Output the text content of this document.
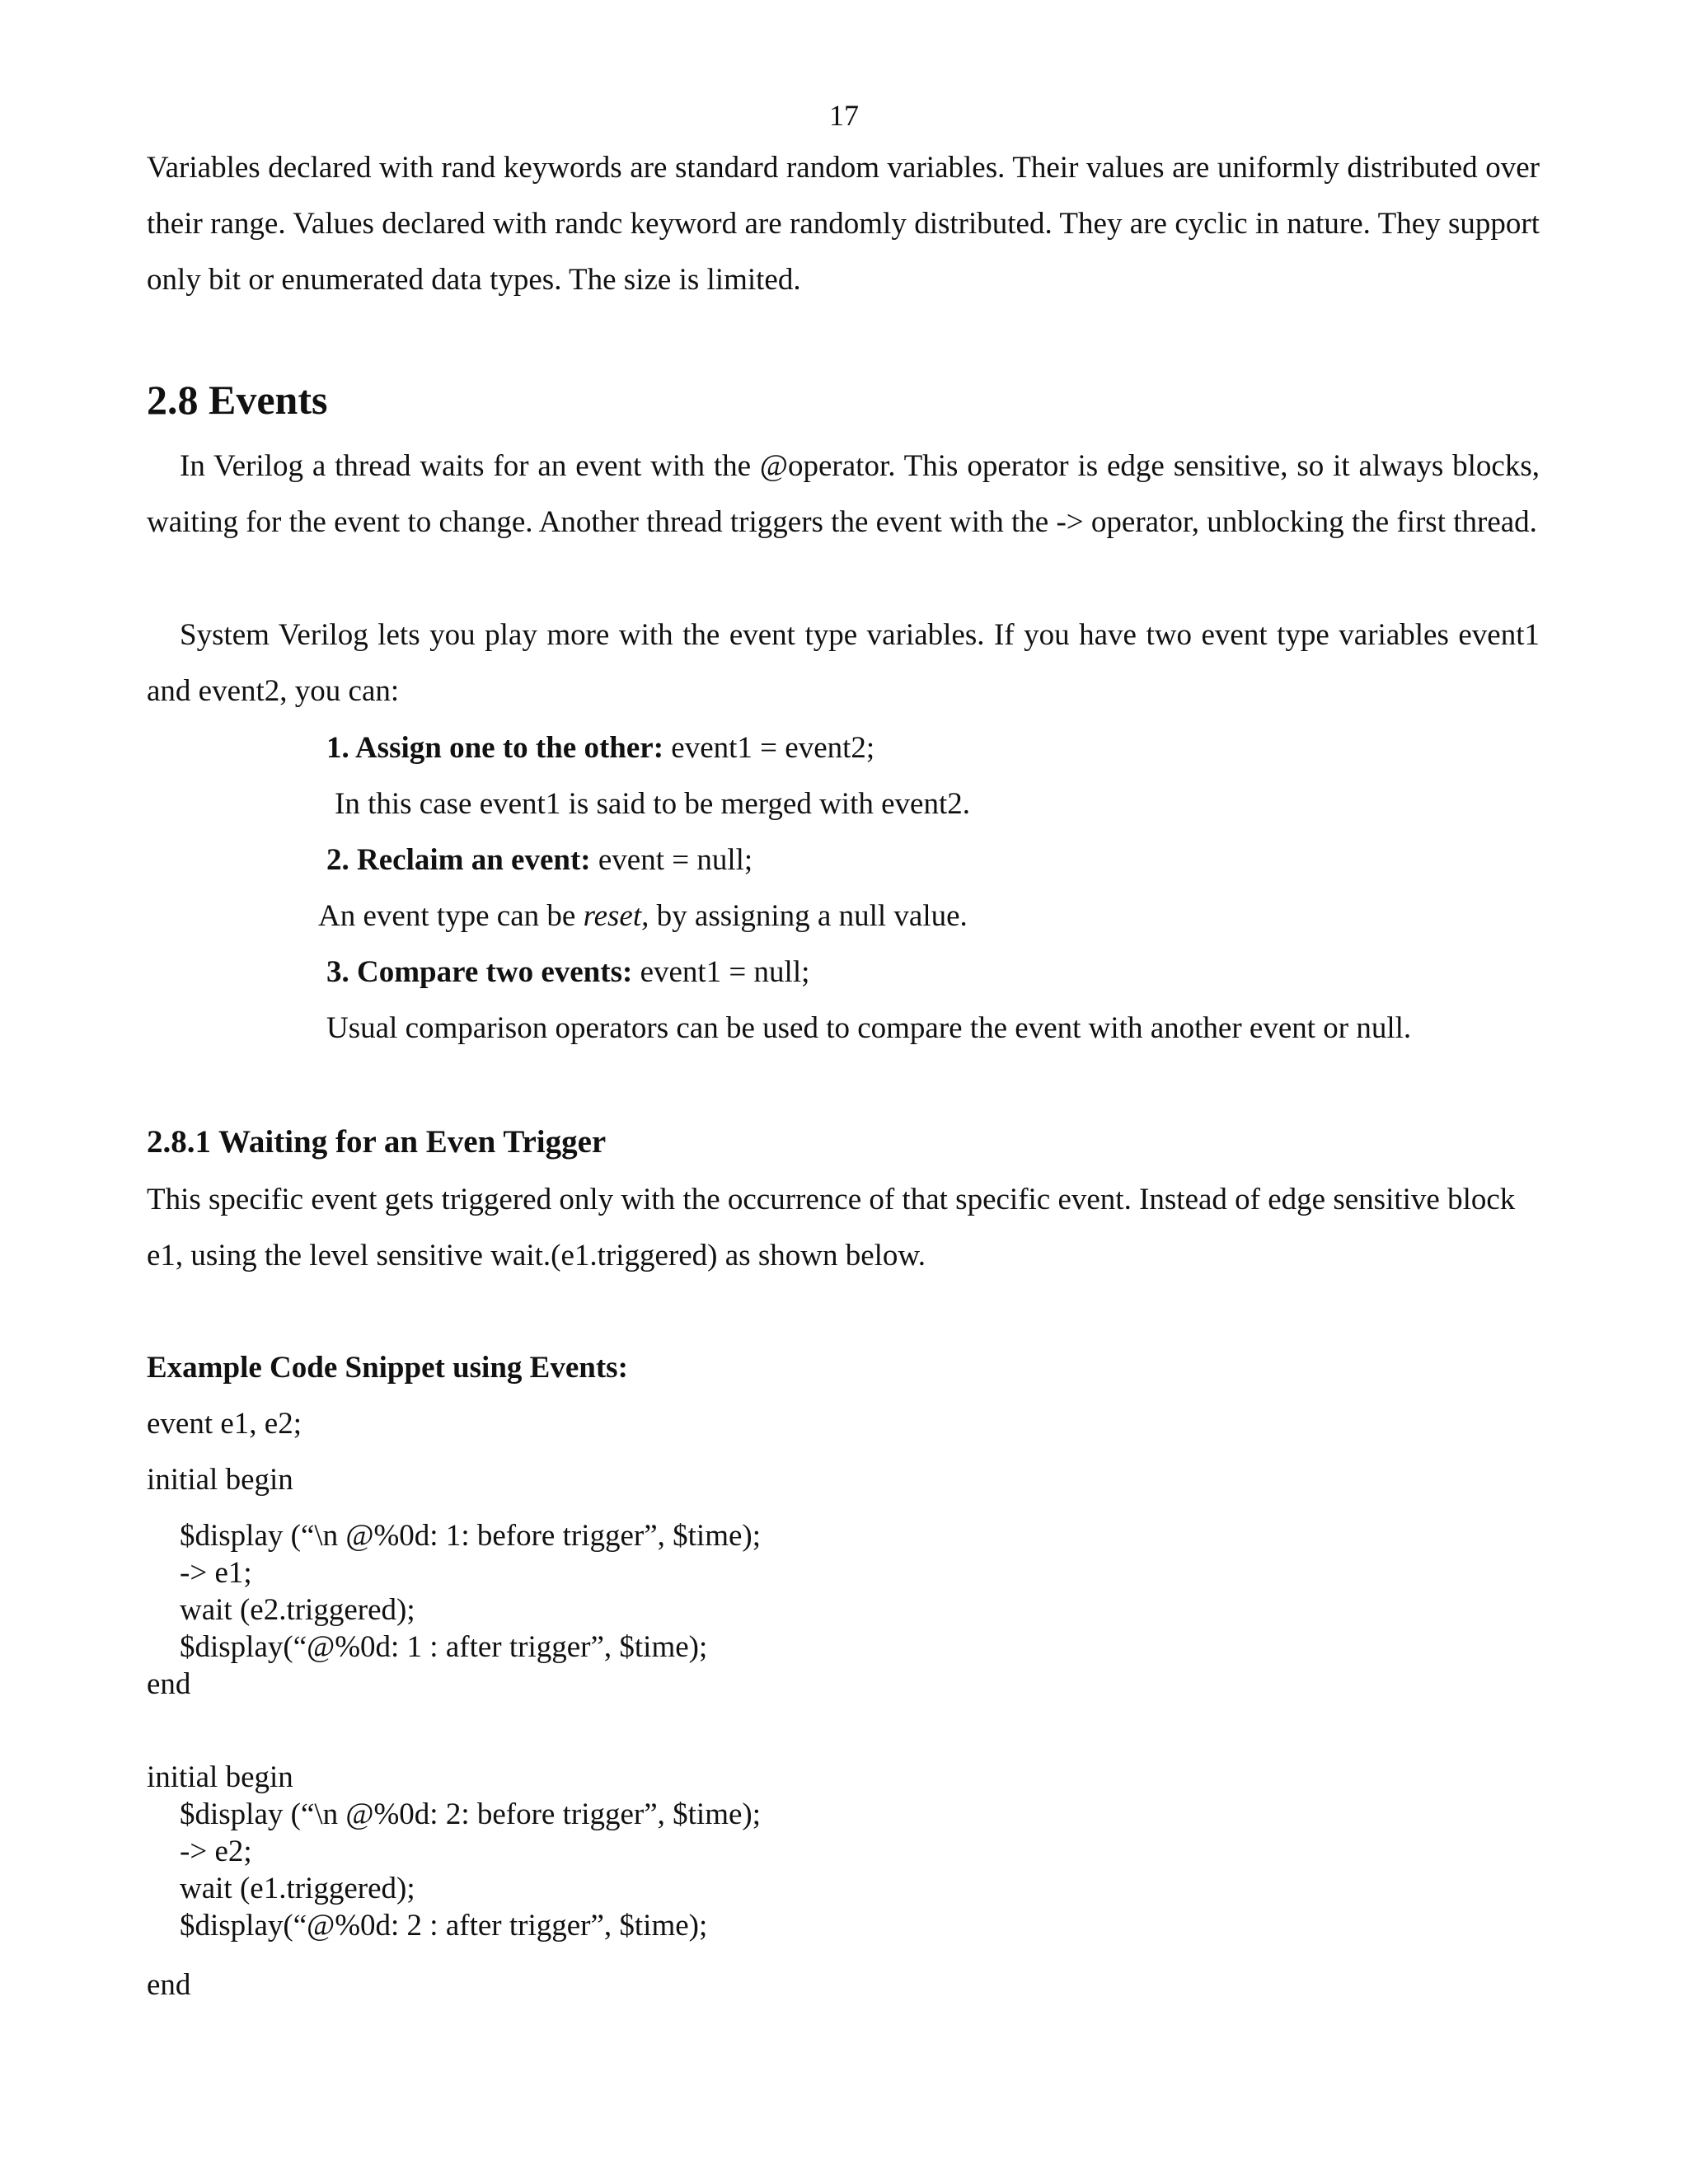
17

Variables declared with rand keywords are standard random variables. Their values are uniformly distributed over their range. Values declared with randc keyword are randomly distributed. They are cyclic in nature. They support only bit or enumerated data types. The size is limited.

2.8 Events

In Verilog a thread waits for an event with the @operator. This operator is edge sensitive, so it always blocks, waiting for the event to change. Another thread triggers the event with the -> operator, unblocking the first thread.

System Verilog lets you play more with the event type variables. If you have two event type variables event1 and event2, you can:

1. Assign one to the other: event1 = event2;
In this case event1 is said to be merged with event2.
2. Reclaim an event: event = null;
An event type can be reset, by assigning a null value.
3. Compare two events: event1 = null;
Usual comparison operators can be used to compare the event with another event or null.
2.8.1 Waiting for an Even Trigger

This specific event gets triggered only with the occurrence of that specific event. Instead of edge sensitive block e1, using the level sensitive wait.(e1.triggered) as shown below.

Example Code Snippet using Events:
event e1, e2;
initial begin
$display (“\n @%0d: 1: before trigger”, $time);
-> e1;
wait (e2.triggered);
$display(“@%0d: 1 : after trigger”, $time);
end
initial begin
$display (“\n @%0d: 2: before trigger”, $time);
-> e2;
wait (e1.triggered);
$display(“@%0d: 2 : after trigger”, $time);
end
